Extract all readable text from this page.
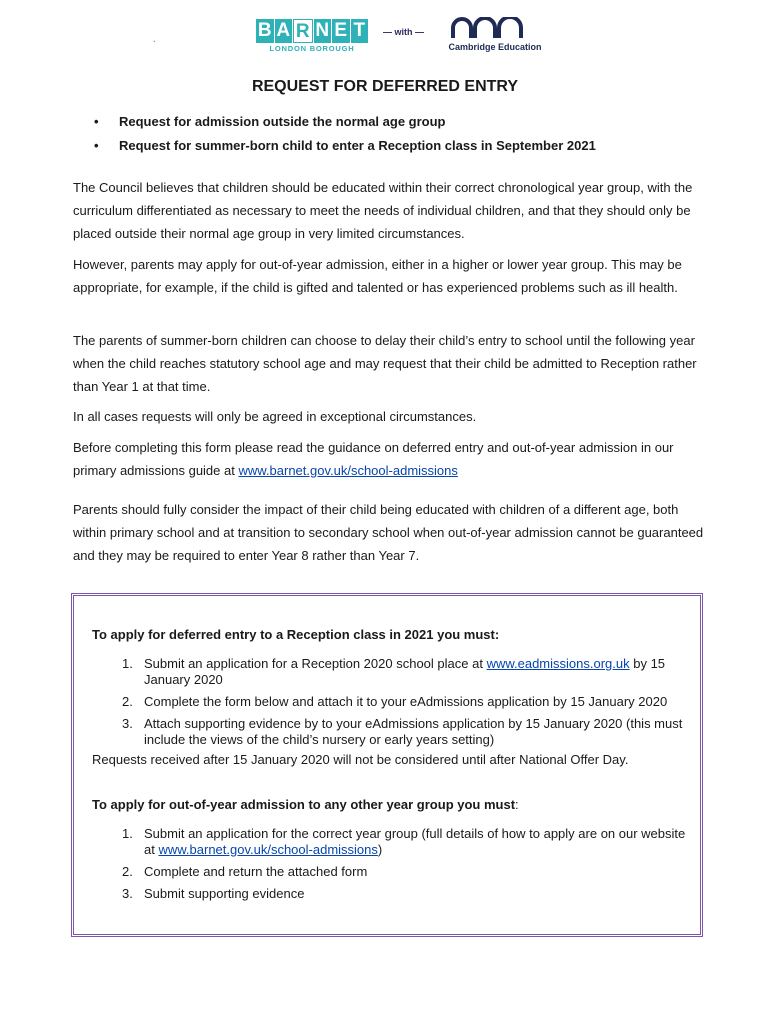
B A R N E T
LONDON BOROUGH
— with —
Cambridge Education
`
REQUEST FOR DEFERRED ENTRY
• Request for admission outside the normal age group
• Request for summer-born child to enter a Reception class in September 2021
The Council believes that children should be educated within their correct chronological year group, with the curriculum differentiated as necessary to meet the needs of individual children, and that they should only be placed outside their normal age group in very limited circumstances.
However, parents may apply for out-of-year admission, either in a higher or lower year group. This may be appropriate, for example, if the child is gifted and talented or has experienced problems such as ill health.
The parents of summer-born children can choose to delay their child’s entry to school until the following year when the child reaches statutory school age and may request that their child be admitted to Reception rather than Year 1 at that time.
In all cases requests will only be agreed in exceptional circumstances.
Before completing this form please read the guidance on deferred entry and out-of-year admission in our primary admissions guide at www.barnet.gov.uk/school-admissions
Parents should fully consider the impact of their child being educated with children of a different age, both within primary school and at transition to secondary school when out-of-year admission cannot be guaranteed and they may be required to enter Year 8 rather than Year 7.
To apply for deferred entry to a Reception class in 2021 you must:
1. Submit an application for a Reception 2020 school place at www.eadmissions.org.uk by 15 January 2020
2. Complete the form below and attach it to your eAdmissions application by 15 January 2020
3. Attach supporting evidence by to your eAdmissions application by 15 January 2020 (this must include the views of the child’s nursery or early years setting)
Requests received after 15 January 2020 will not be considered until after National Offer Day.
To apply for out-of-year admission to any other year group you must:
1. Submit an application for the correct year group (full details of how to apply are on our website at www.barnet.gov.uk/school-admissions)
2. Complete and return the attached form
3. Submit supporting evidence
